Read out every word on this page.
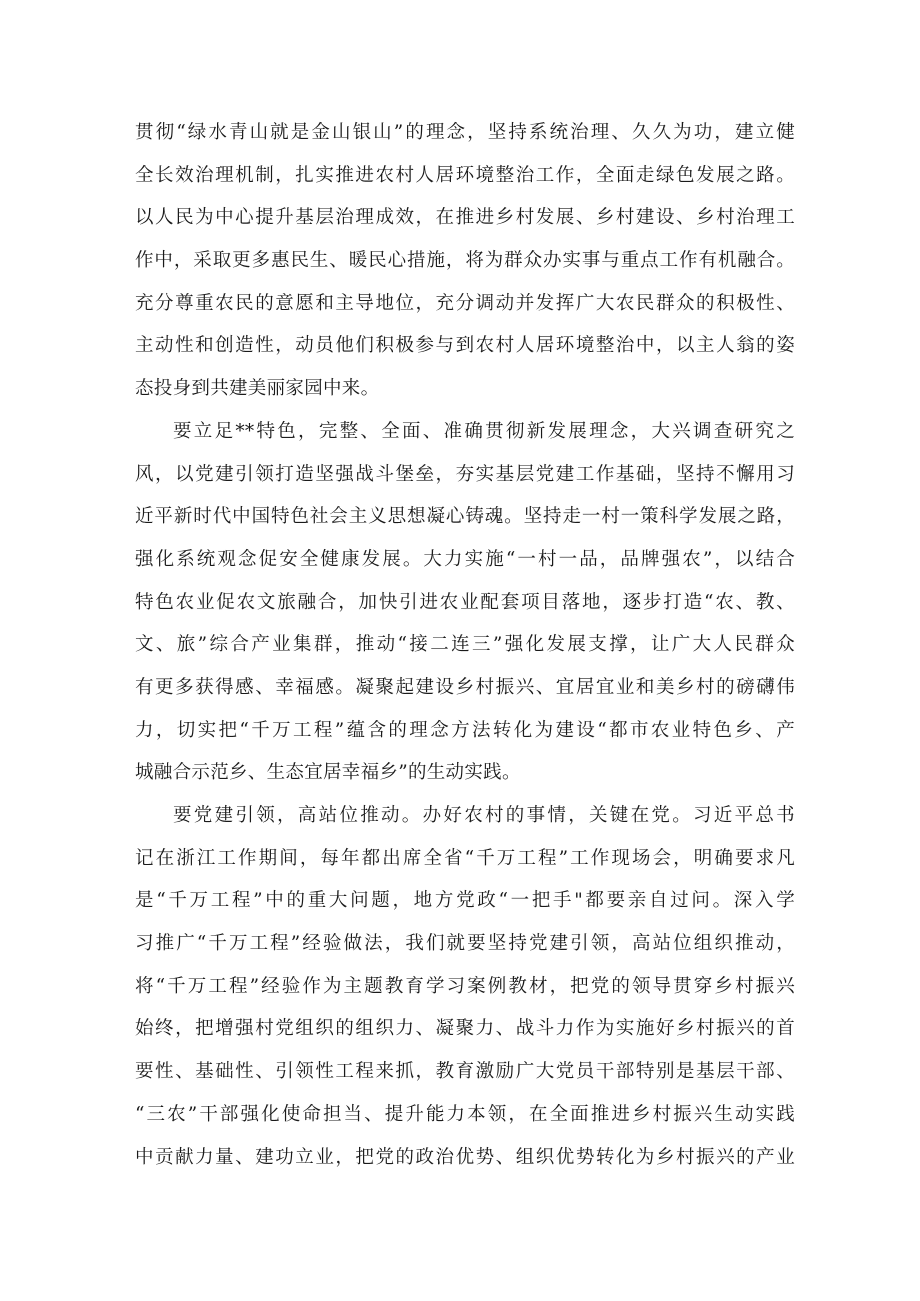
贯彻“绿水青山就是金山银山”的理念，坚持系统治理、久久为功，建立健
全长效治理机制，扎实推进农村人居环境整治工作，全面走绿色发展之路。
以人民为中心提升基层治理成效，在推进乡村发展、乡村建设、乡村治理工
作中，采取更多惠民生、暖民心措施，将为群众办实事与重点工作有机融合。
充分尊重农民的意愿和主导地位，充分调动并发挥广大农民群众的积极性、
主动性和创造性，动员他们积极参与到农村人居环境整治中，以主人翁的姿
态投身到共建美丽家园中来。
要立足**特色，完整、全面、准确贯彻新发展理念，大兴调查研究之
风，以党建引领打造坚强战斗堡垒，夯实基层党建工作基础，坚持不懈用习
近平新时代中国特色社会主义思想凝心铸魂。坚持走一村一策科学发展之路，
强化系统观念促安全健康发展。大力实施“一村一品，品牌强农”，以结合
特色农业促农文旅融合，加快引进农业配套项目落地，逐步打造“农、教、
文、旅”综合产业集群，推动“接二连三”强化发展支撑，让广大人民群众
有更多获得感、幸福感。凝聚起建设乡村振兴、宜居宜业和美乡村的磅礴伟
力，切实把“千万工程”蕴含的理念方法转化为建设“都市农业特色乡、产
城融合示范乡、生态宜居幸福乡”的生动实践。
要党建引领，高站位推动。办好农村的事情，关键在党。习近平总书
记在浙江工作期间，每年都出席全省“千万工程”工作现场会，明确要求凡
是“千万工程”中的重大问题，地方党政“一把手"都要亲自过问。深入学
习推广“千万工程”经验做法，我们就要坚持党建引领，高站位组织推动，
将“千万工程”经验作为主题教育学习案例教材，把党的领导贯穿乡村振兴
始终，把增强村党组织的组织力、凝聚力、战斗力作为实施好乡村振兴的首
要性、基础性、引领性工程来抓，教育激励广大党员干部特别是基层干部、
“三农”干部强化使命担当、提升能力本领，在全面推进乡村振兴生动实践
中贡献力量、建功立业，把党的政治优势、组织优势转化为乡村振兴的产业
